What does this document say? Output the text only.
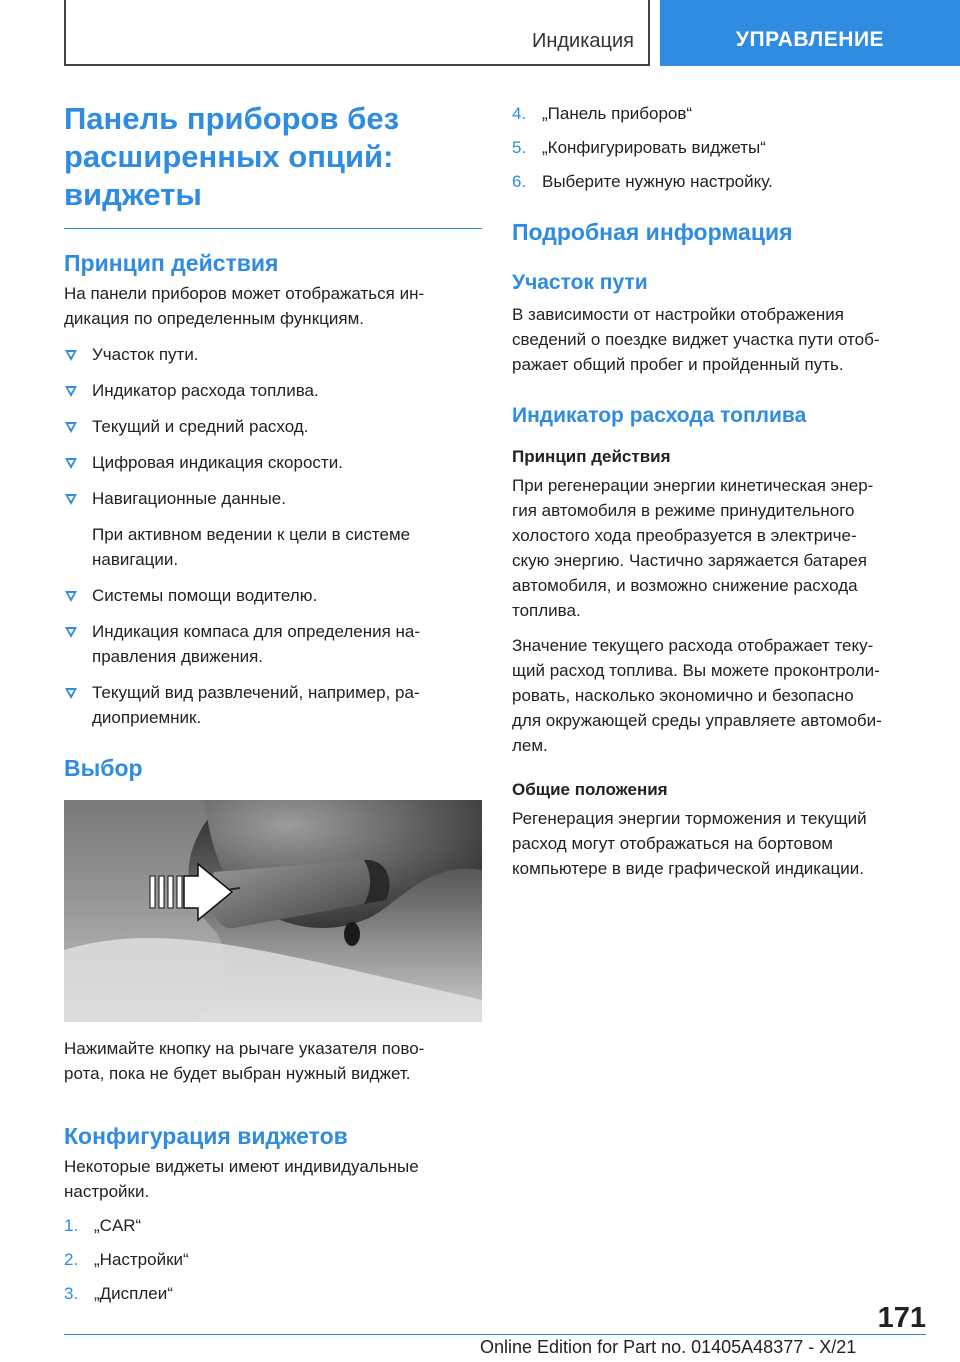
Индикация	УПРАВЛЕНИЕ
Панель приборов без
расширенных опций:
виджеты
Принцип действия

На панели приборов может отображаться ин-
дикация по определенным функциям.

Участок пути.
Индикатор расхода топлива.
Текущий и средний расход.
Цифровая индикация скорости.
Навигационные данные.
При активном ведении к цели в системе
навигации.
Системы помощи водителю.
Индикация компаса для определения на-
правления движения.
Текущий вид развлечений, например, ра-
диоприемник.
Выбор

Нажимайте кнопку на рычаге указателя пово-
рота, пока не будет выбран нужный виджет.

Конфигурация виджетов

Некоторые виджеты имеют индивидуальные
настройки.

1. „CAR“
2. „Настройки“
3. „Дисплеи“
4. „Панель приборов“
5. „Конфигурировать виджеты“
6. Выберите нужную настройку.
Подробная информация
Участок пути

В зависимости от настройки отображения
сведений о поездке виджет участка пути отоб-
ражает общий пробег и пройденный путь.

Индикатор расхода топлива
Принцип действия

При регенерации энергии кинетическая энер-
гия автомобиля в режиме принудительного
холостого хода преобразуется в электриче-
скую энергию. Частично заряжается батарея
автомобиля, и возможно снижение расхода
топлива.

Значение текущего расхода отображает теку-
щий расход топлива. Вы можете проконтроли-
ровать, насколько экономично и безопасно
для окружающей среды управляете автомоби-
лем.

Общие положения

Регенерация энергии торможения и текущий
расход могут отображаться на бортовом
компьютере в виде графической индикации.

171
Online Edition for Part no. 01405A48377 - X/21
